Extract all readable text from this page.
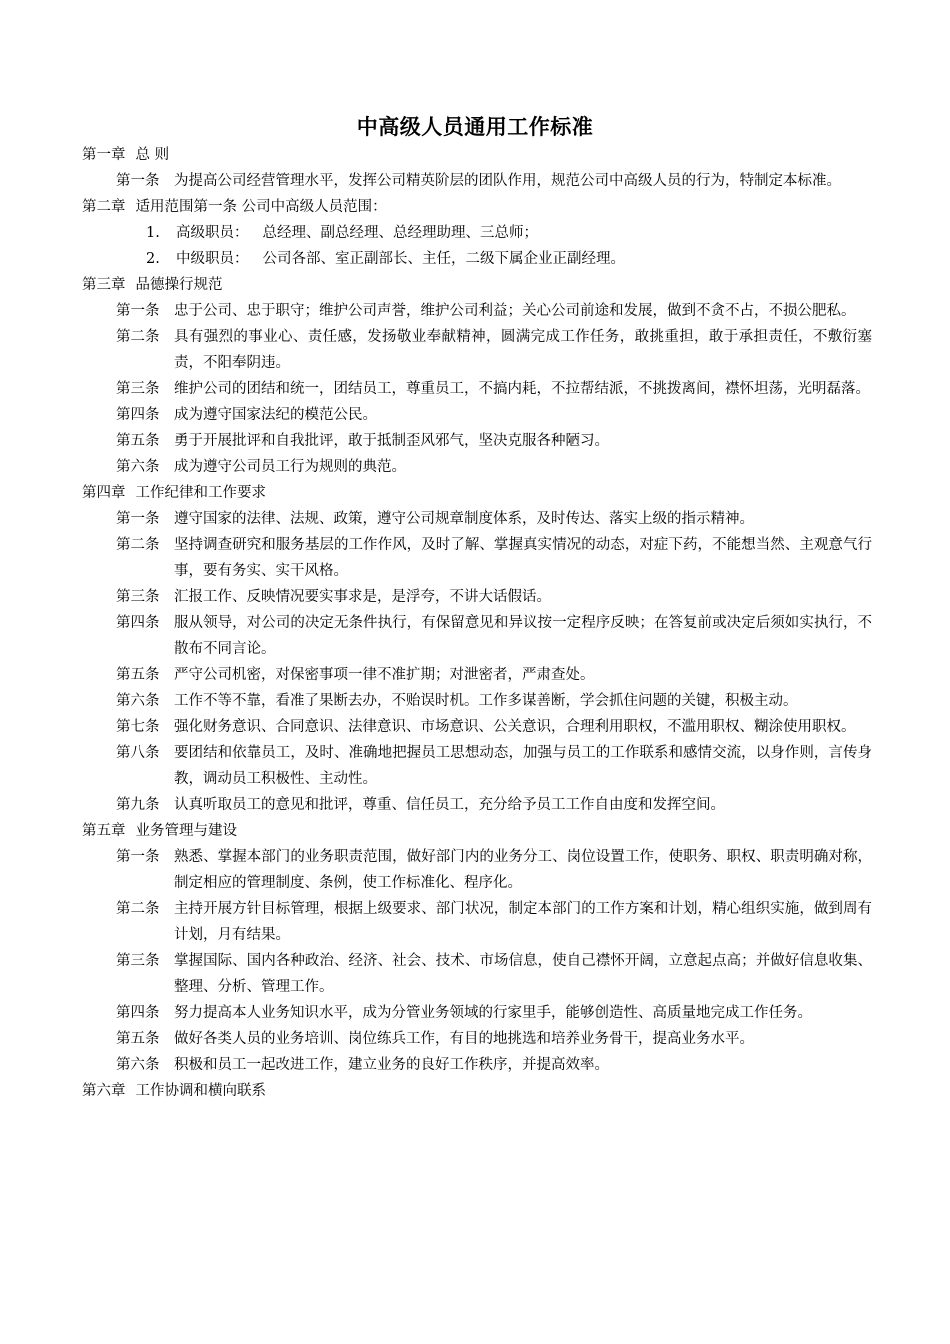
中高级人员通用工作标准
第一章 总 则
第一条 为提高公司经营管理水平，发挥公司精英阶层的团队作用，规范公司中高级人员的行为，特制定本标准。
第二章 适用范围第一条 公司中高级人员范围：
1. 高级职员： 总经理、副总经理、总经理助理、三总师；
2. 中级职员： 公司各部、室正副部长、主任，二级下属企业正副经理。
第三章 品德操行规范
第一条 忠于公司、忠于职守；维护公司声誉，维护公司利益；关心公司前途和发展，做到不贪不占，不损公肥私。
第二条 具有强烈的事业心、责任感，发扬敬业奉献精神，圆满完成工作任务，敢挑重担，敢于承担责任，不敷衍塞责，不阳奉阴违。
第三条 维护公司的团结和统一，团结员工，尊重员工，不搞内耗，不拉帮结派，不挑拨离间，襟怀坦荡，光明磊落。
第四条 成为遵守国家法纪的模范公民。
第五条 勇于开展批评和自我批评，敢于抵制歪风邪气，坚决克服各种陋习。
第六条 成为遵守公司员工行为规则的典范。
第四章 工作纪律和工作要求
第一条 遵守国家的法律、法规、政策，遵守公司规章制度体系，及时传达、落实上级的指示精神。
第二条 坚持调查研究和服务基层的工作作风，及时了解、掌握真实情况的动态，对症下药，不能想当然、主观意气行事，要有务实、实干风格。
第三条 汇报工作、反映情况要实事求是，是浮夸，不讲大话假话。
第四条 服从领导，对公司的决定无条件执行，有保留意见和异议按一定程序反映；在答复前或决定后须如实执行，不散布不同言论。
第五条 严守公司机密，对保密事项一律不准扩期；对泄密者，严肃查处。
第六条 工作不等不靠，看准了果断去办，不贻误时机。工作多谋善断，学会抓住问题的关键，积极主动。
第七条 强化财务意识、合同意识、法律意识、市场意识、公关意识，合理利用职权，不滥用职权、糊涂使用职权。
第八条 要团结和依靠员工，及时、准确地把握员工思想动态，加强与员工的工作联系和感情交流，以身作则，言传身教，调动员工积极性、主动性。
第九条 认真听取员工的意见和批评，尊重、信任员工，充分给予员工工作自由度和发挥空间。
第五章 业务管理与建设
第一条 熟悉、掌握本部门的业务职责范围，做好部门内的业务分工、岗位设置工作，使职务、职权、职责明确对称，制定相应的管理制度、条例，使工作标准化、程序化。
第二条 主持开展方针目标管理，根据上级要求、部门状况，制定本部门的工作方案和计划，精心组织实施，做到周有计划，月有结果。
第三条 掌握国际、国内各种政治、经济、社会、技术、市场信息，使自己襟怀开阔，立意起点高；并做好信息收集、整理、分析、管理工作。
第四条 努力提高本人业务知识水平，成为分管业务领域的行家里手，能够创造性、高质量地完成工作任务。
第五条 做好各类人员的业务培训、岗位练兵工作，有目的地挑选和培养业务骨干，提高业务水平。
第六条 积极和员工一起改进工作，建立业务的良好工作秩序，并提高效率。
第六章 工作协调和横向联系
